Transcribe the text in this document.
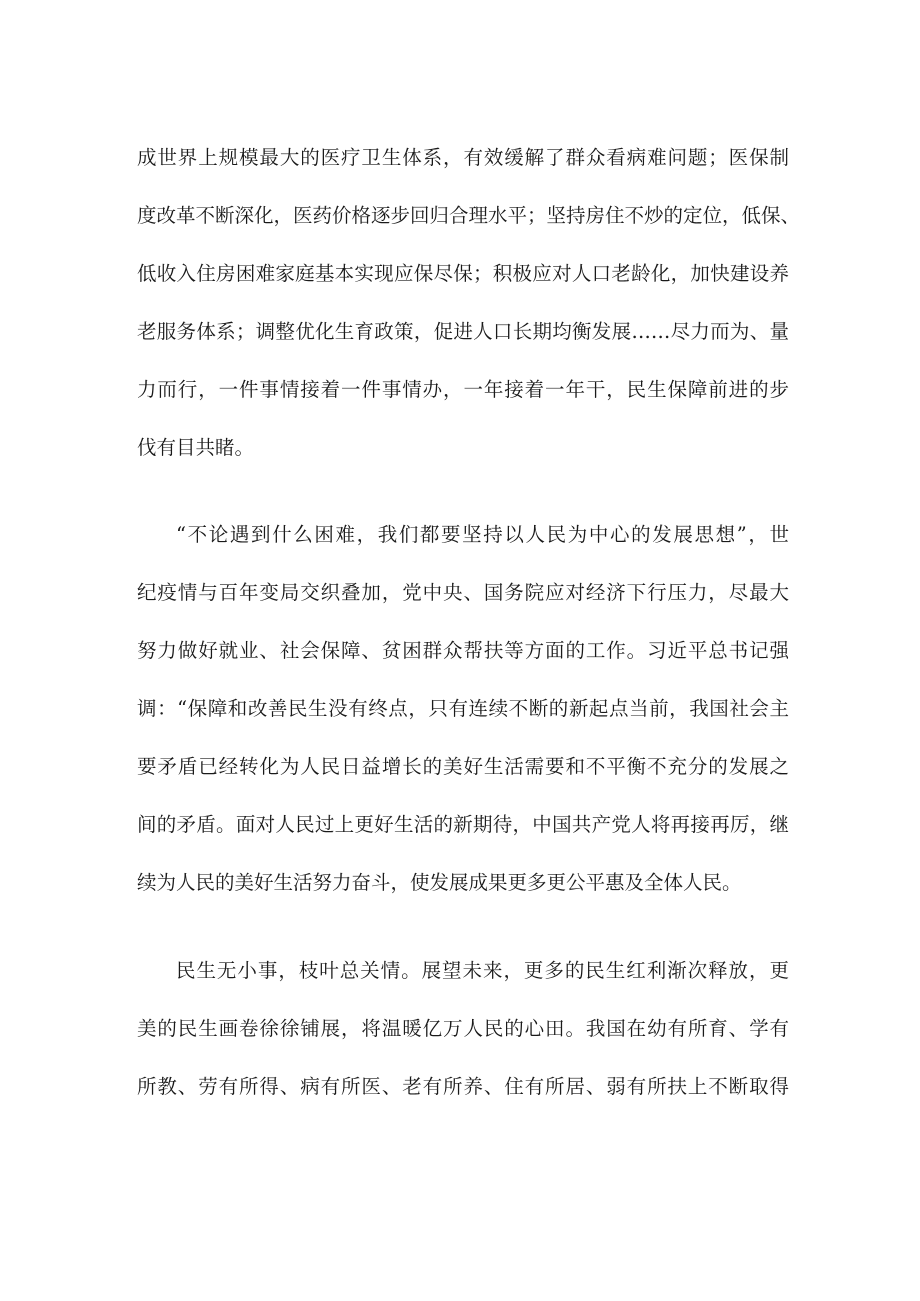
成世界上规模最大的医疗卫生体系，有效缓解了群众看病难问题；医保制
度改革不断深化，医药价格逐步回归合理水平；坚持房住不炒的定位，低保、
低收入住房困难家庭基本实现应保尽保；积极应对人口老龄化，加快建设养
老服务体系；调整优化生育政策，促进人口长期均衡发展……尽力而为、量
力而行，一件事情接着一件事情办，一年接着一年干，民生保障前进的步
伐有目共睹。
“不论遇到什么困难，我们都要坚持以人民为中心的发展思想”，世
纪疫情与百年变局交织叠加，党中央、国务院应对经济下行压力，尽最大
努力做好就业、社会保障、贫困群众帮扶等方面的工作。习近平总书记强
调：“保障和改善民生没有终点，只有连续不断的新起点当前，我国社会主
要矛盾已经转化为人民日益增长的美好生活需要和不平衡不充分的发展之
间的矛盾。面对人民过上更好生活的新期待，中国共产党人将再接再厉，继
续为人民的美好生活努力奋斗，使发展成果更多更公平惠及全体人民。
民生无小事，枝叶总关情。展望未来，更多的民生红利渐次释放，更
美的民生画卷徐徐铺展，将温暖亿万人民的心田。我国在幼有所育、学有
所教、劳有所得、病有所医、老有所养、住有所居、弱有所扶上不断取得
